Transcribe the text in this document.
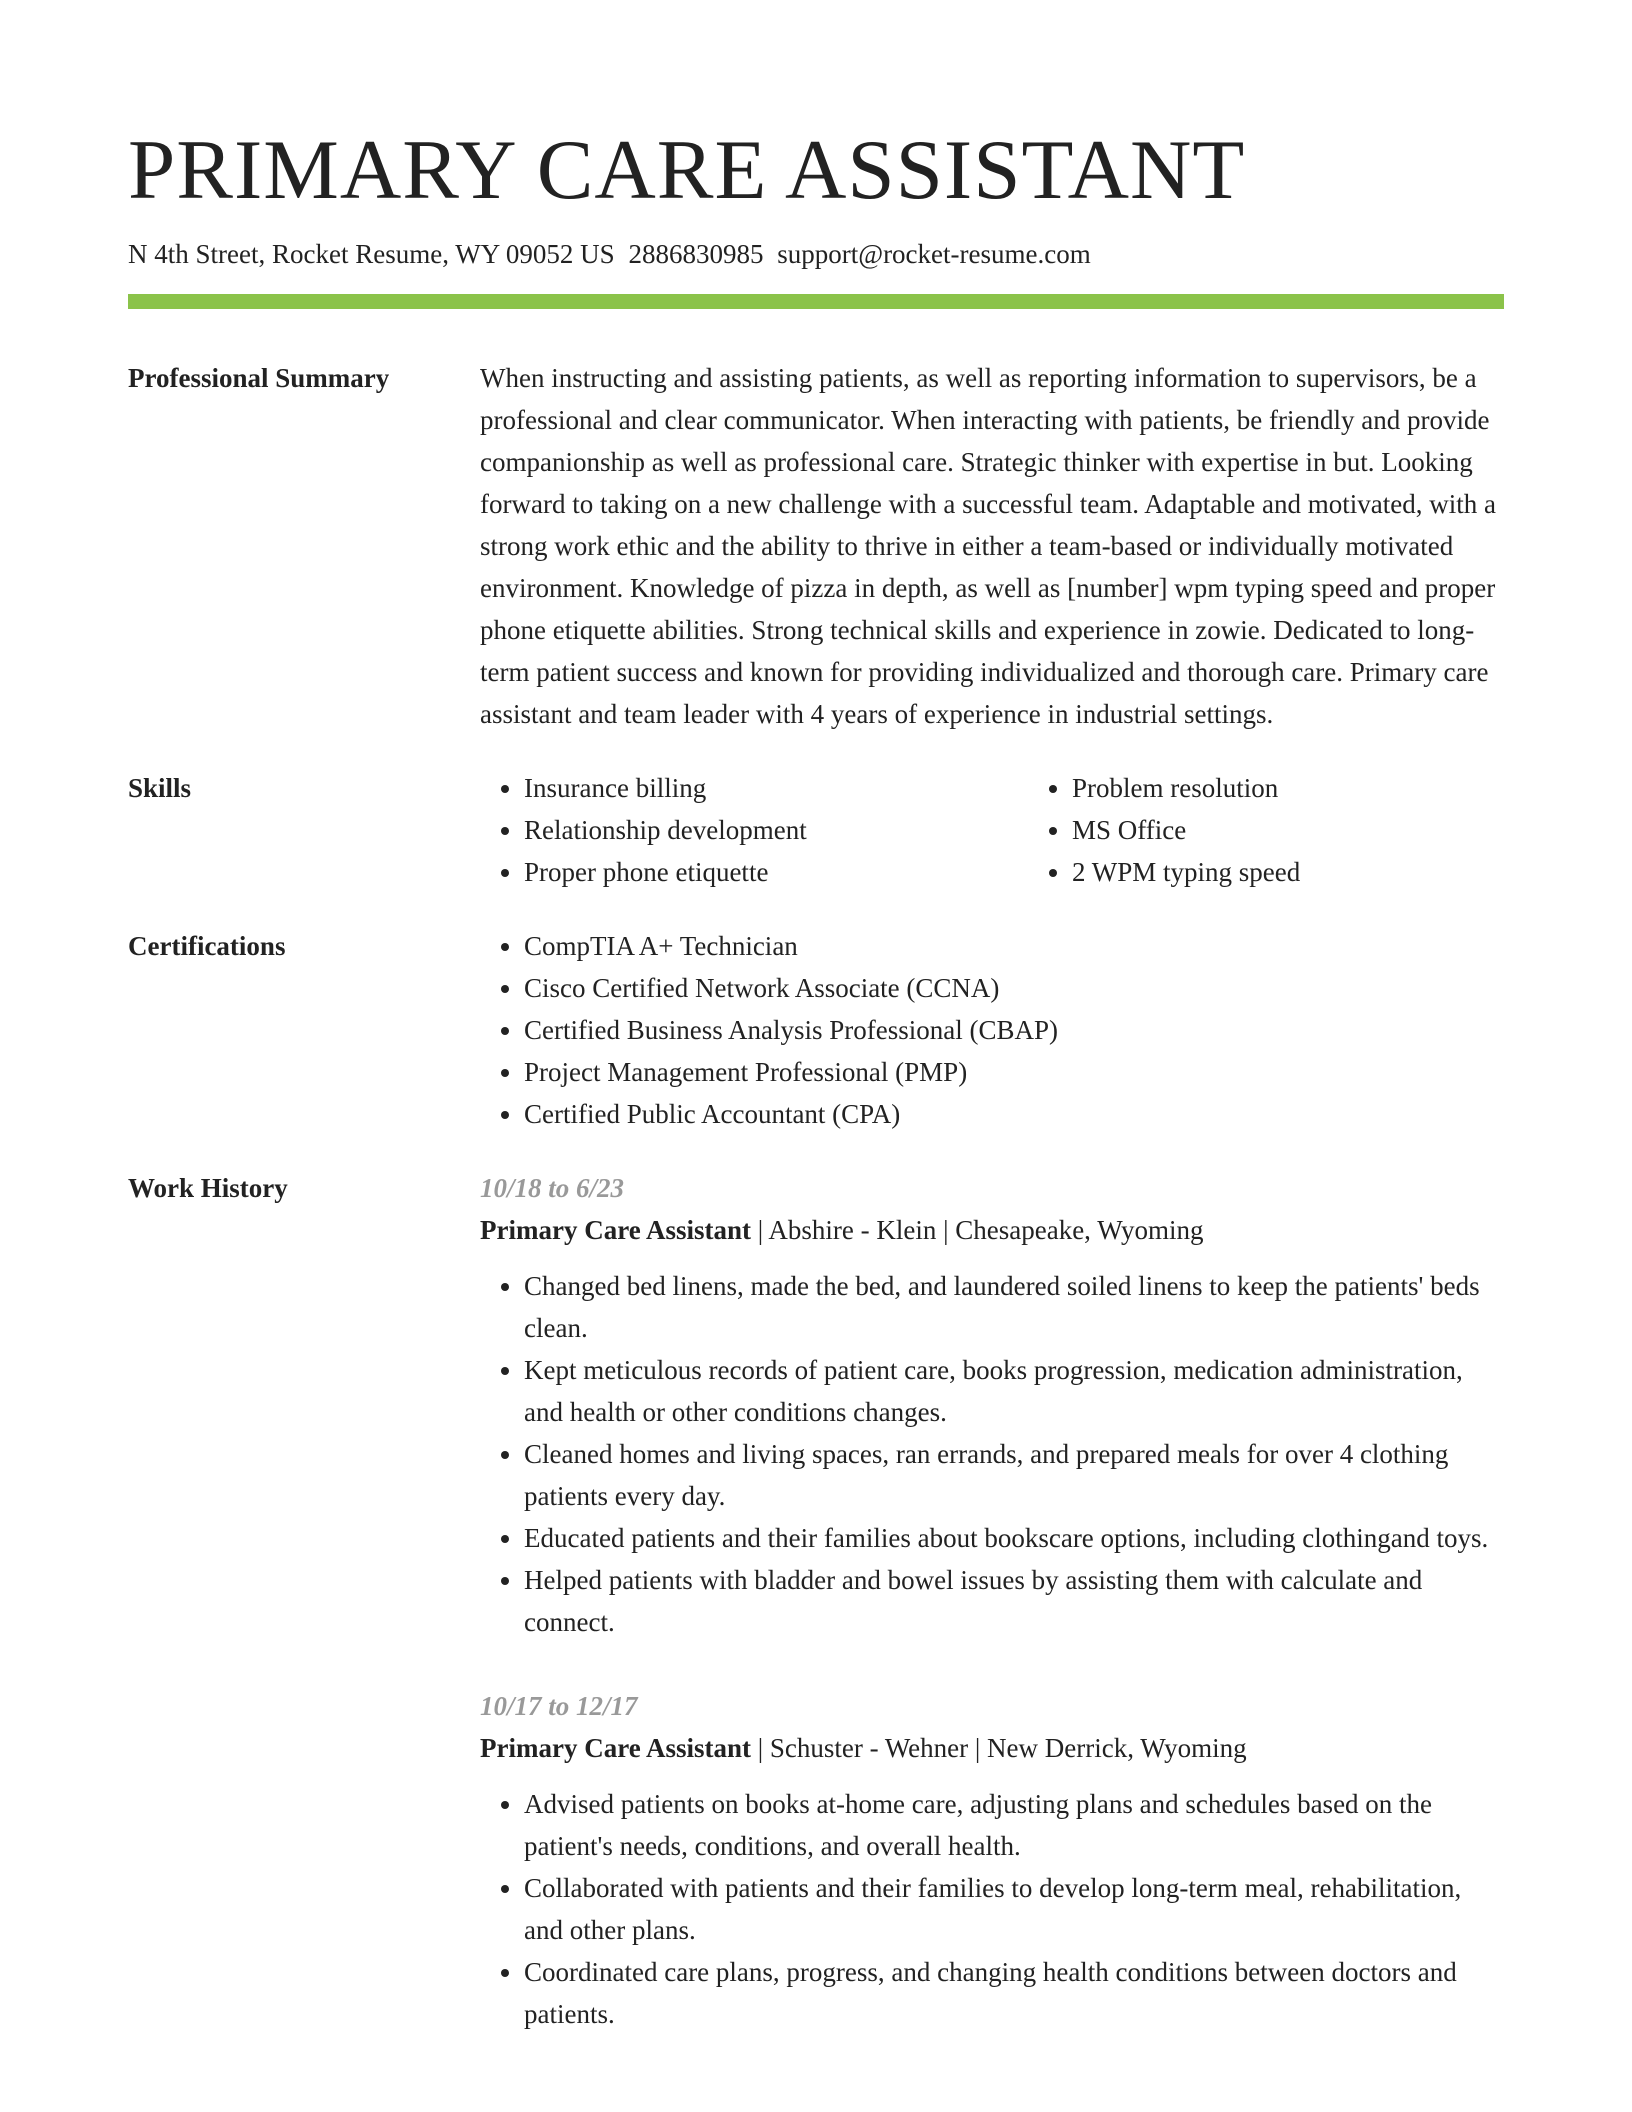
PRIMARY CARE ASSISTANT
N 4th Street, Rocket Resume, WY 09052 US 2886830985 support@rocket-resume.com
Professional Summary	When instructing and assisting patients, as well as reporting information to supervisors, be a professional and clear communicator. When interacting with patients, be friendly and provide companionship as well as professional care. Strategic thinker with expertise in but. Looking forward to taking on a new challenge with a successful team. Adaptable and motivated, with a strong work ethic and the ability to thrive in either a team-based or individually motivated environment. Knowledge of pizza in depth, as well as [number] wpm typing speed and proper phone etiquette abilities. Strong technical skills and experience in zowie. Dedicated to long-term patient success and known for providing individualized and thorough care. Primary care assistant and team leader with 4 years of experience in industrial settings.
Skills	• Insurance billing
• Relationship development
• Proper phone etiquette
• Problem resolution
• MS Office
• 2 WPM typing speed
Certifications	• CompTIA A+ Technician
• Cisco Certified Network Associate (CCNA)
• Certified Business Analysis Professional (CBAP)
• Project Management Professional (PMP)
• Certified Public Accountant (CPA)
Work History	10/18 to 6/23
Primary Care Assistant | Abshire - Klein | Chesapeake, Wyoming
• Changed bed linens, made the bed, and laundered soiled linens to keep the patients' beds clean.
• Kept meticulous records of patient care, books progression, medication administration, and health or other conditions changes.
• Cleaned homes and living spaces, ran errands, and prepared meals for over 4 clothing patients every day.
• Educated patients and their families about bookscare options, including clothingand toys.
• Helped patients with bladder and bowel issues by assisting them with calculate and connect.
10/17 to 12/17
Primary Care Assistant | Schuster - Wehner | New Derrick, Wyoming
• Advised patients on books at-home care, adjusting plans and schedules based on the patient's needs, conditions, and overall health.
• Collaborated with patients and their families to develop long-term meal, rehabilitation, and other plans.
• Coordinated care plans, progress, and changing health conditions between doctors and patients.
